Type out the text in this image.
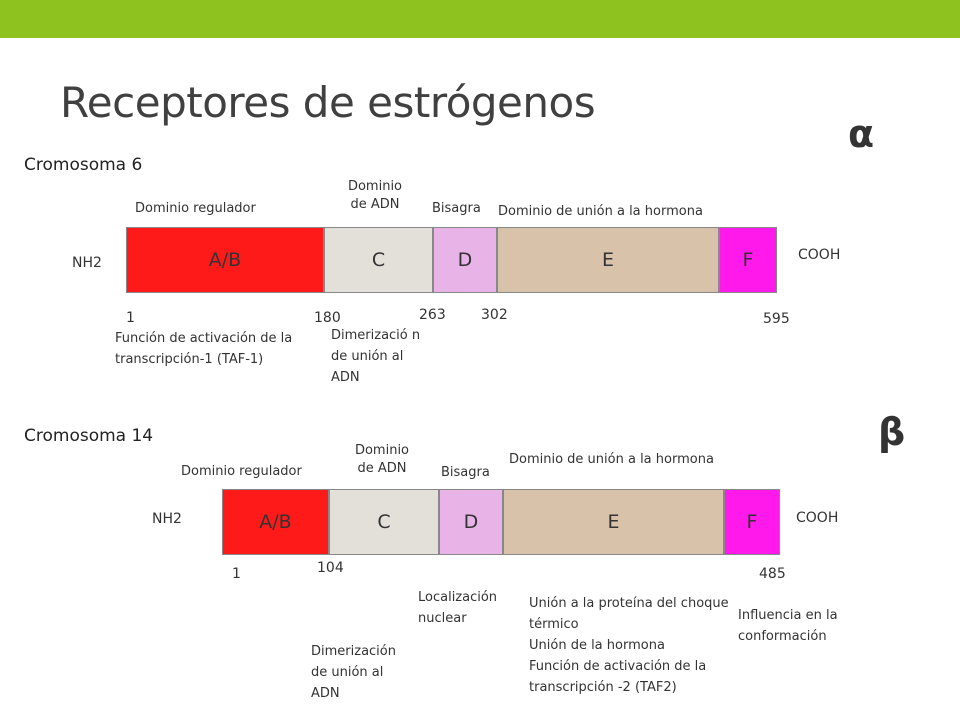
Receptores de estrógenos
α
Cromosoma 6
Dominio regulador
Dominio de ADN	Bisagra Dominio de unión a la hormona
NH2	COOH
A/B	C	D	E	F
1	180	263	302	595
Función de activación de la transcripción-1 (TAF-1)
Dimerizació n de unión al ADN
β
Cromosoma 14
Dominio regulador
Dominio de ADN	Bisagra
Dominio de unión a la hormona
NH2	COOH
A/B	C	D	E	F
1	104	485
Localización nuclear
Dimerización de unión al ADN
Unión a la proteína del choque térmico
Unión de la hormona
Función de activación de la transcripción -2 (TAF2)
Influencia en la conformación
